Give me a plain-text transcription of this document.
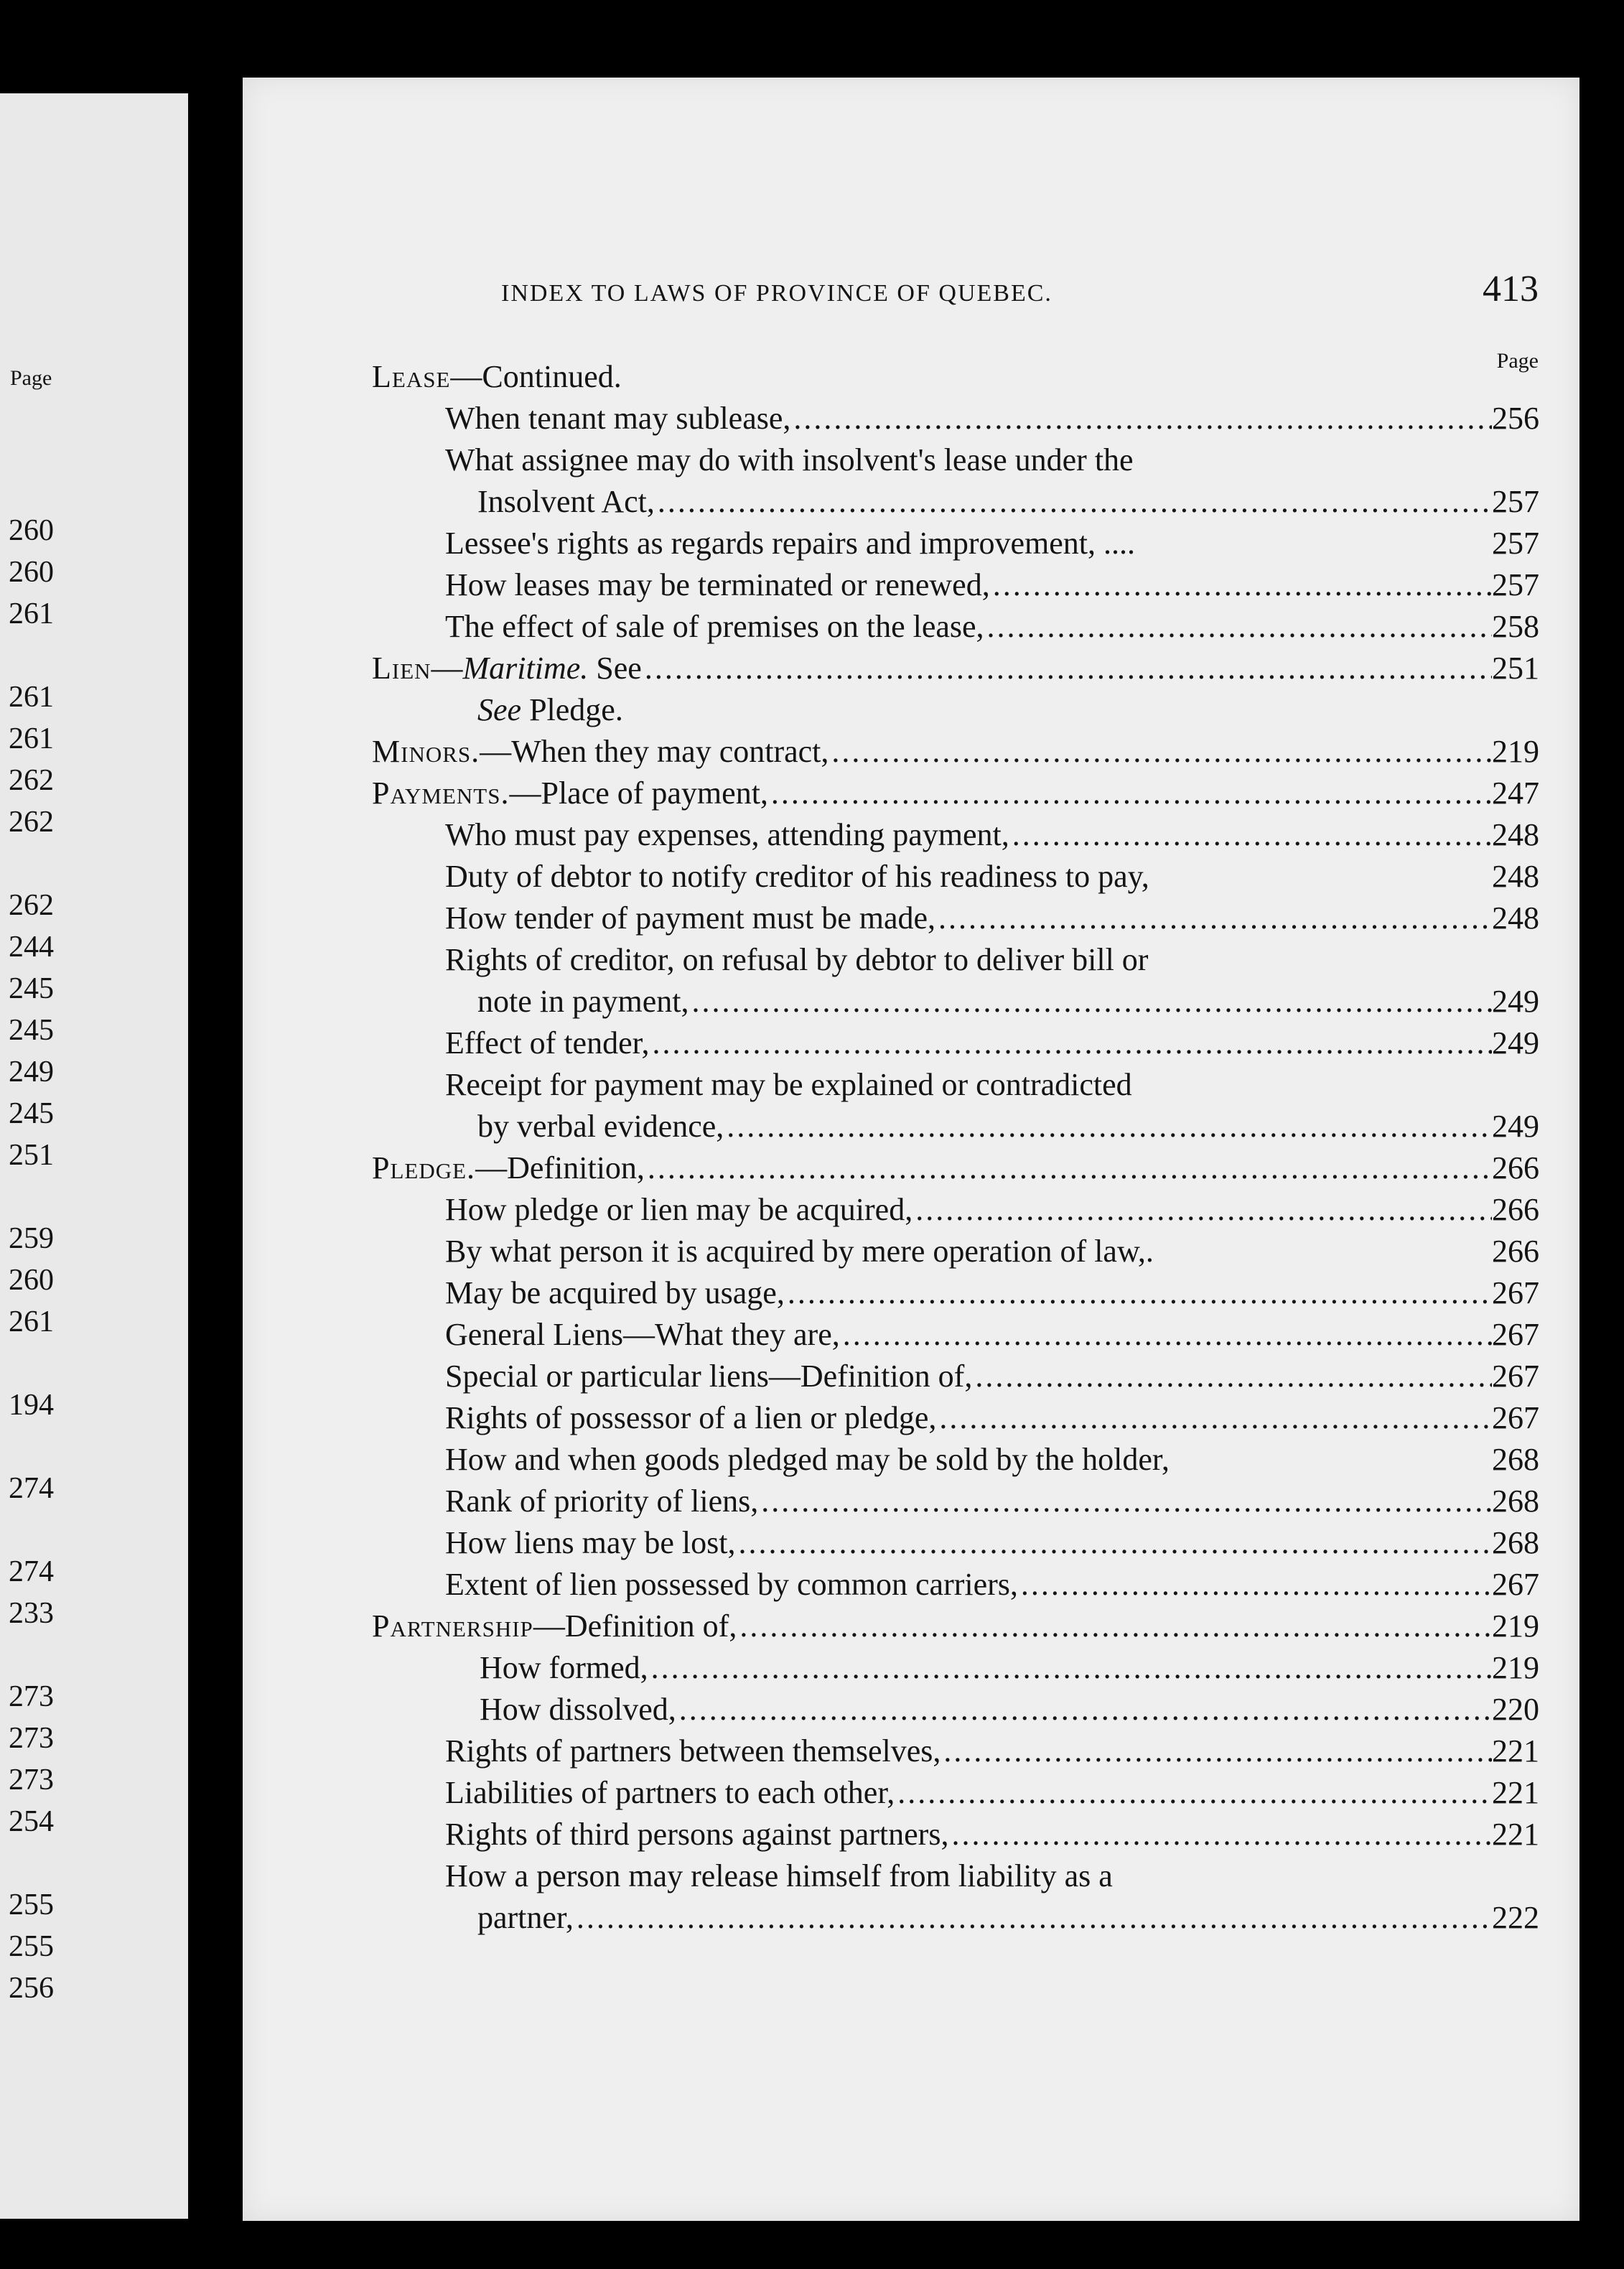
Page
260
260
261
261
261
262
262
262
244
245
245
249
245
251
259
260
261
194
274
274
233
273
273
273
254
255
255
256
INDEX TO LAWS OF PROVINCE OF QUEBEC.	413
Page
Lease—Continued.
When tenant may sublease, .....	256
What assignee may do with insolvent's lease under the
Insolvent Act, .....	257
Lessee's rights as regards repairs and improvement, ....	257
How leases may be terminated or renewed, .....	257
The effect of sale of premises on the lease, .....	258
Lien—Maritime. See .....	251
See Pledge.
Minors.—When they may contract, .....	219
Payments.—Place of payment, .....	247
Who must pay expenses, attending payment, .....	248
Duty of debtor to notify creditor of his readiness to pay,	248
How tender of payment must be made, .....	248
Rights of creditor, on refusal by debtor to deliver bill or
note in payment, .....	249
Effect of tender, .....	249
Receipt for payment may be explained or contradicted
by verbal evidence, .....	249
Pledge.—Definition, .....	266
How pledge or lien may be acquired, .....	266
By what person it is acquired by mere operation of law,.	266
May be acquired by usage, .....	267
General Liens—What they are, .....	267
Special or particular liens—Definition of, .....	267
Rights of possessor of a lien or pledge, .....	267
How and when goods pledged may be sold by the holder,	268
Rank of priority of liens, .....	268
How liens may be lost, .....	268
Extent of lien possessed by common carriers, .....	267
Partnership—Definition of, .....	219
How formed, .....	219
How dissolved, .....	220
Rights of partners between themselves, .....	221
Liabilities of partners to each other, .....	221
Rights of third persons against partners, .....	221
How a person may release himself from liability as a
partner, .....	222
